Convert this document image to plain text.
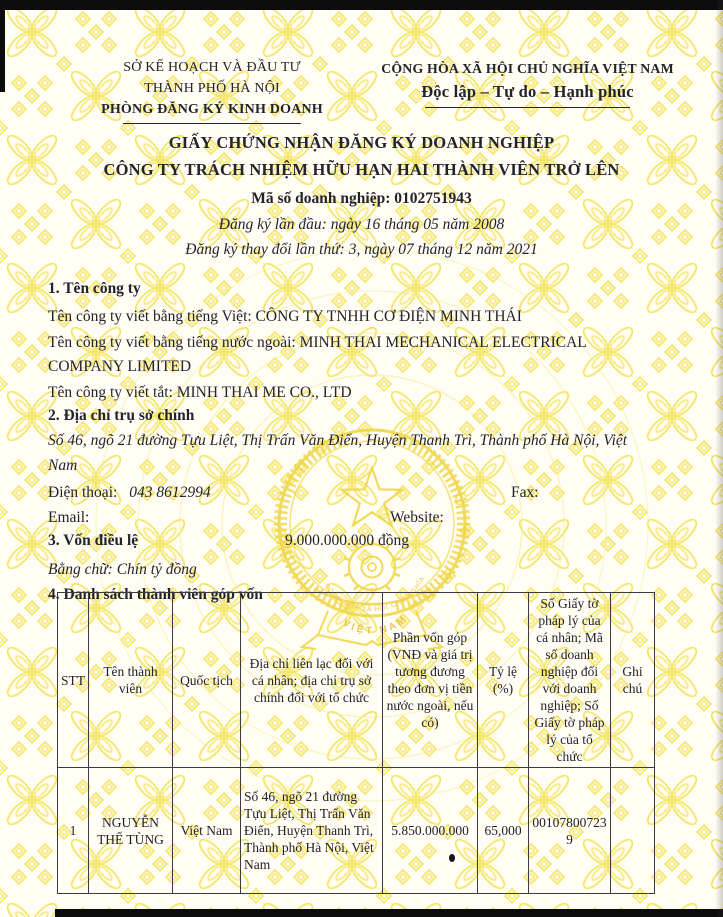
CỘNG HÒA XÃ HỘI CHỦ NGHĨA
VIỆT NAM
SỞ KẾ HOẠCH VÀ ĐẦU TƯ
THÀNH PHỐ HÀ NỘI
PHÒNG ĐĂNG KÝ KINH DOANH
CỘNG HÒA XÃ HỘI CHỦ NGHĨA VIỆT NAM
Độc lập – Tự do – Hạnh phúc
GIẤY CHỨNG NHẬN ĐĂNG KÝ DOANH NGHIỆP
CÔNG TY TRÁCH NHIỆM HỮU HẠN HAI THÀNH VIÊN TRỞ LÊN
Mã số doanh nghiệp: 0102751943
Đăng ký lần đầu: ngày 16 tháng 05 năm 2008
Đăng ký thay đổi lần thứ: 3, ngày 07 tháng 12 năm 2021
1. Tên công ty
Tên công ty viết bằng tiếng Việt: CÔNG TY TNHH CƠ ĐIỆN MINH THÁI
Tên công ty viết bằng tiếng nước ngoài: MINH THAI MECHANICAL ELECTRICAL COMPANY LIMITED
Tên công ty viết tắt: MINH THAI ME CO., LTD
2. Địa chỉ trụ sở chính
Số 46, ngõ 21 đường Tựu Liệt, Thị Trấn Văn Điển, Huyện Thanh Trì, Thành phố Hà Nội, Việt Nam
Điện thoại: 043 8612994	Fax:
Email:	Website:
3. Vốn điều lệ	9.000.000.000 đồng
Bằng chữ: Chín tỷ đồng
4. Danh sách thành viên góp vốn
STT	Tên thành viên	Quốc tịch	Địa chỉ liên lạc đối với cá nhân; địa chỉ trụ sở chính đối với tổ chức	Phần vốn góp (VNĐ và giá trị tương đương theo đơn vị tiền nước ngoài, nếu có)	Tỷ lệ (%)	Số Giấy tờ pháp lý của cá nhân; Mã số doanh nghiệp đối với doanh nghiệp; Số Giấy tờ pháp lý của tổ chức	Ghi chú
1	NGUYỄN THẾ TÙNG	Việt Nam	Số 46, ngõ 21 đường Tựu Liệt, Thị Trấn Văn Điển, Huyện Thanh Trì, Thành phố Hà Nội, Việt Nam	5.850.000.000	65,000	001078007239	
